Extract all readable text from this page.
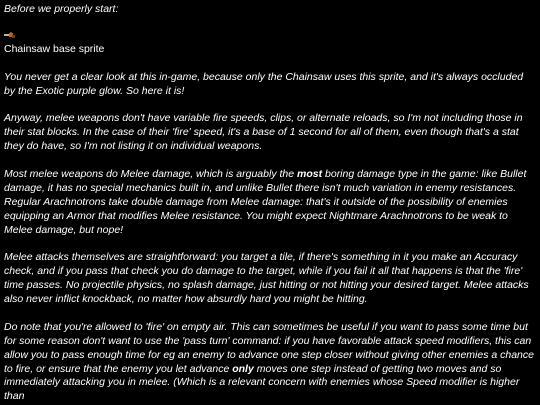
Before we properly start:

Chainsaw base sprite

You never get a clear look at this in-game, because only the Chainsaw uses this sprite, and it's always occluded by the Exotic purple glow. So here it is!

Anyway, melee weapons don't have variable fire speeds, clips, or alternate reloads, so I'm not including those in their stat blocks. In the case of their 'fire' speed, it's a base of 1 second for all of them, even though that's a stat they do have, so I'm not listing it on individual weapons.

Most melee weapons do Melee damage, which is arguably the most boring damage type in the game: like Bullet damage, it has no special mechanics built in, and unlike Bullet there isn't much variation in enemy resistances. Regular Arachnotrons take double damage from Melee damage: that's it outside of the possibility of enemies equipping an Armor that modifies Melee resistance. You might expect Nightmare Arachnotrons to be weak to Melee damage, but nope!

Melee attacks themselves are straightforward: you target a tile, if there's something in it you make an Accuracy check, and if you pass that check you do damage to the target, while if you fail it all that happens is that the 'fire' time passes. No projectile physics, no splash damage, just hitting or not hitting your desired target. Melee attacks also never inflict knockback, no matter how absurdly hard you might be hitting.

Do note that you're allowed to 'fire' on empty air. This can sometimes be useful if you want to pass some time but for some reason don't want to use the 'pass turn' command: if you have favorable attack speed modifiers, this can allow you to pass enough time for eg an enemy to advance one step closer without giving other enemies a chance to fire, or ensure that the enemy you let advance only moves one step instead of getting two moves and so immediately attacking you in melee. (Which is a relevant concern with enemies whose Speed modifier is higher than
